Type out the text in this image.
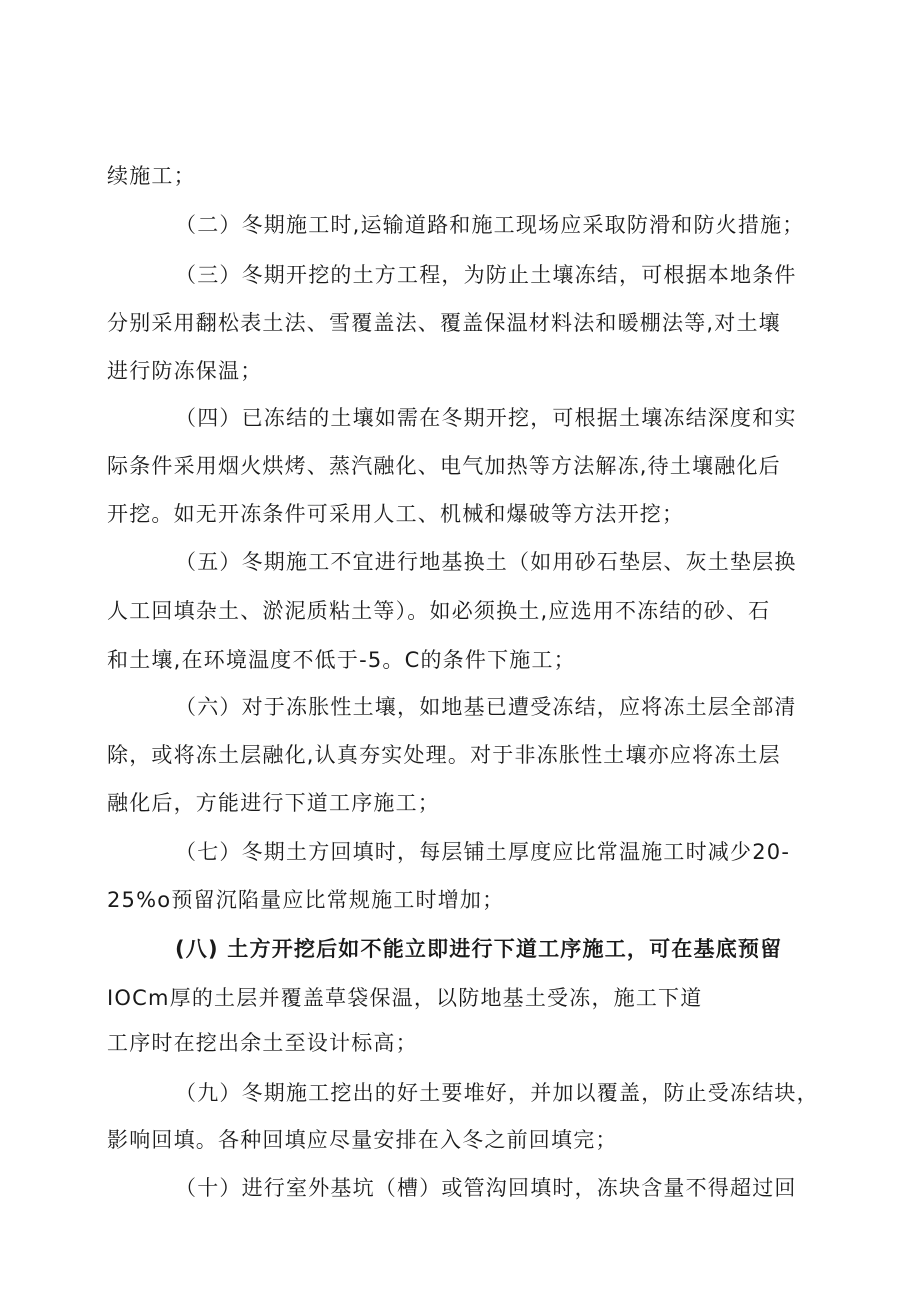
续施工；
（二）冬期施工时,运输道路和施工现场应采取防滑和防火措施；
（三）冬期开挖的土方工程，为防止土壤冻结，可根据本地条件
分别采用翻松表土法、雪覆盖法、覆盖保温材料法和暖棚法等,对土壤
进行防冻保温；
（四）已冻结的土壤如需在冬期开挖，可根据土壤冻结深度和实
际条件采用烟火烘烤、蒸汽融化、电气加热等方法解冻,待土壤融化后
开挖。如无开冻条件可采用人工、机械和爆破等方法开挖；
（五）冬期施工不宜进行地基换土（如用砂石垫层、灰土垫层换
人工回填杂土、淤泥质粘土等）。如必须换土,应选用不冻结的砂、石
和土壤,在环境温度不低于-5。C的条件下施工；
（六）对于冻胀性土壤，如地基已遭受冻结，应将冻土层全部清
除，或将冻土层融化,认真夯实处理。对于非冻胀性土壤亦应将冻土层
融化后，方能进行下道工序施工；
（七）冬期土方回填时，每层铺土厚度应比常温施工时减少20-
25%o预留沉陷量应比常规施工时增加；
(八) 土方开挖后如不能立即进行下道工序施工，可在基底预留
IOCm厚的土层并覆盖草袋保温，以防地基土受冻，施工下道
工序时在挖出余土至设计标高；
（九）冬期施工挖出的好土要堆好，并加以覆盖，防止受冻结块，
影响回填。各种回填应尽量安排在入冬之前回填完；
（十）进行室外基坑（槽）或管沟回填时，冻块含量不得超过回
